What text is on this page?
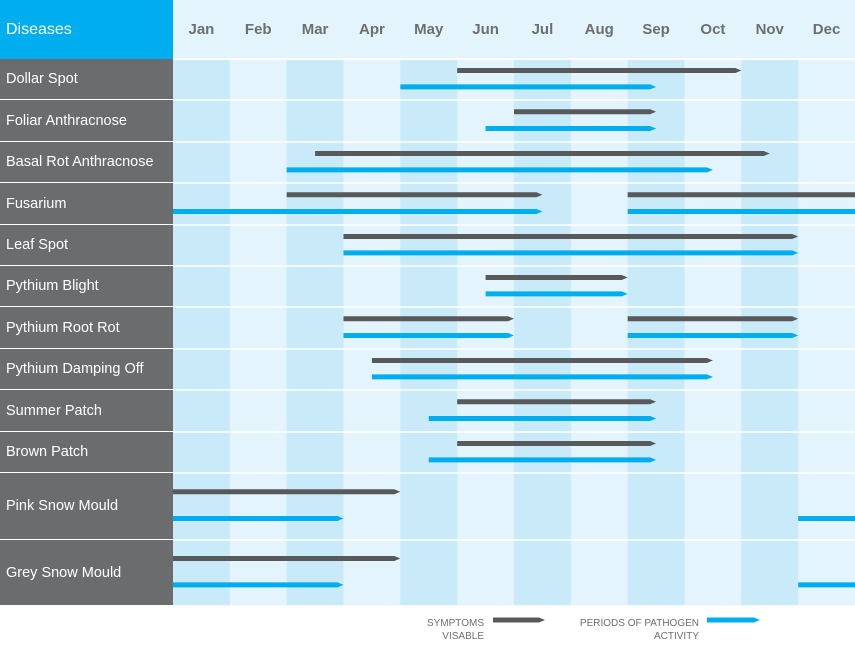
Diseases	Jan	Feb	Mar	Apr	May	Jun	Jul	Aug	Sep	Oct	Nov	Dec
Dollar Spot
Foliar Anthracnose
Basal Rot Anthracnose
Fusarium
Leaf Spot
Pythium Blight
Pythium Root Rot
Pythium Damping Off
Summer Patch
Brown Patch
Pink Snow Mould
Grey Snow Mould
SYMPTOMS VISABLE
PERIODS OF PATHOGEN ACTIVITY
